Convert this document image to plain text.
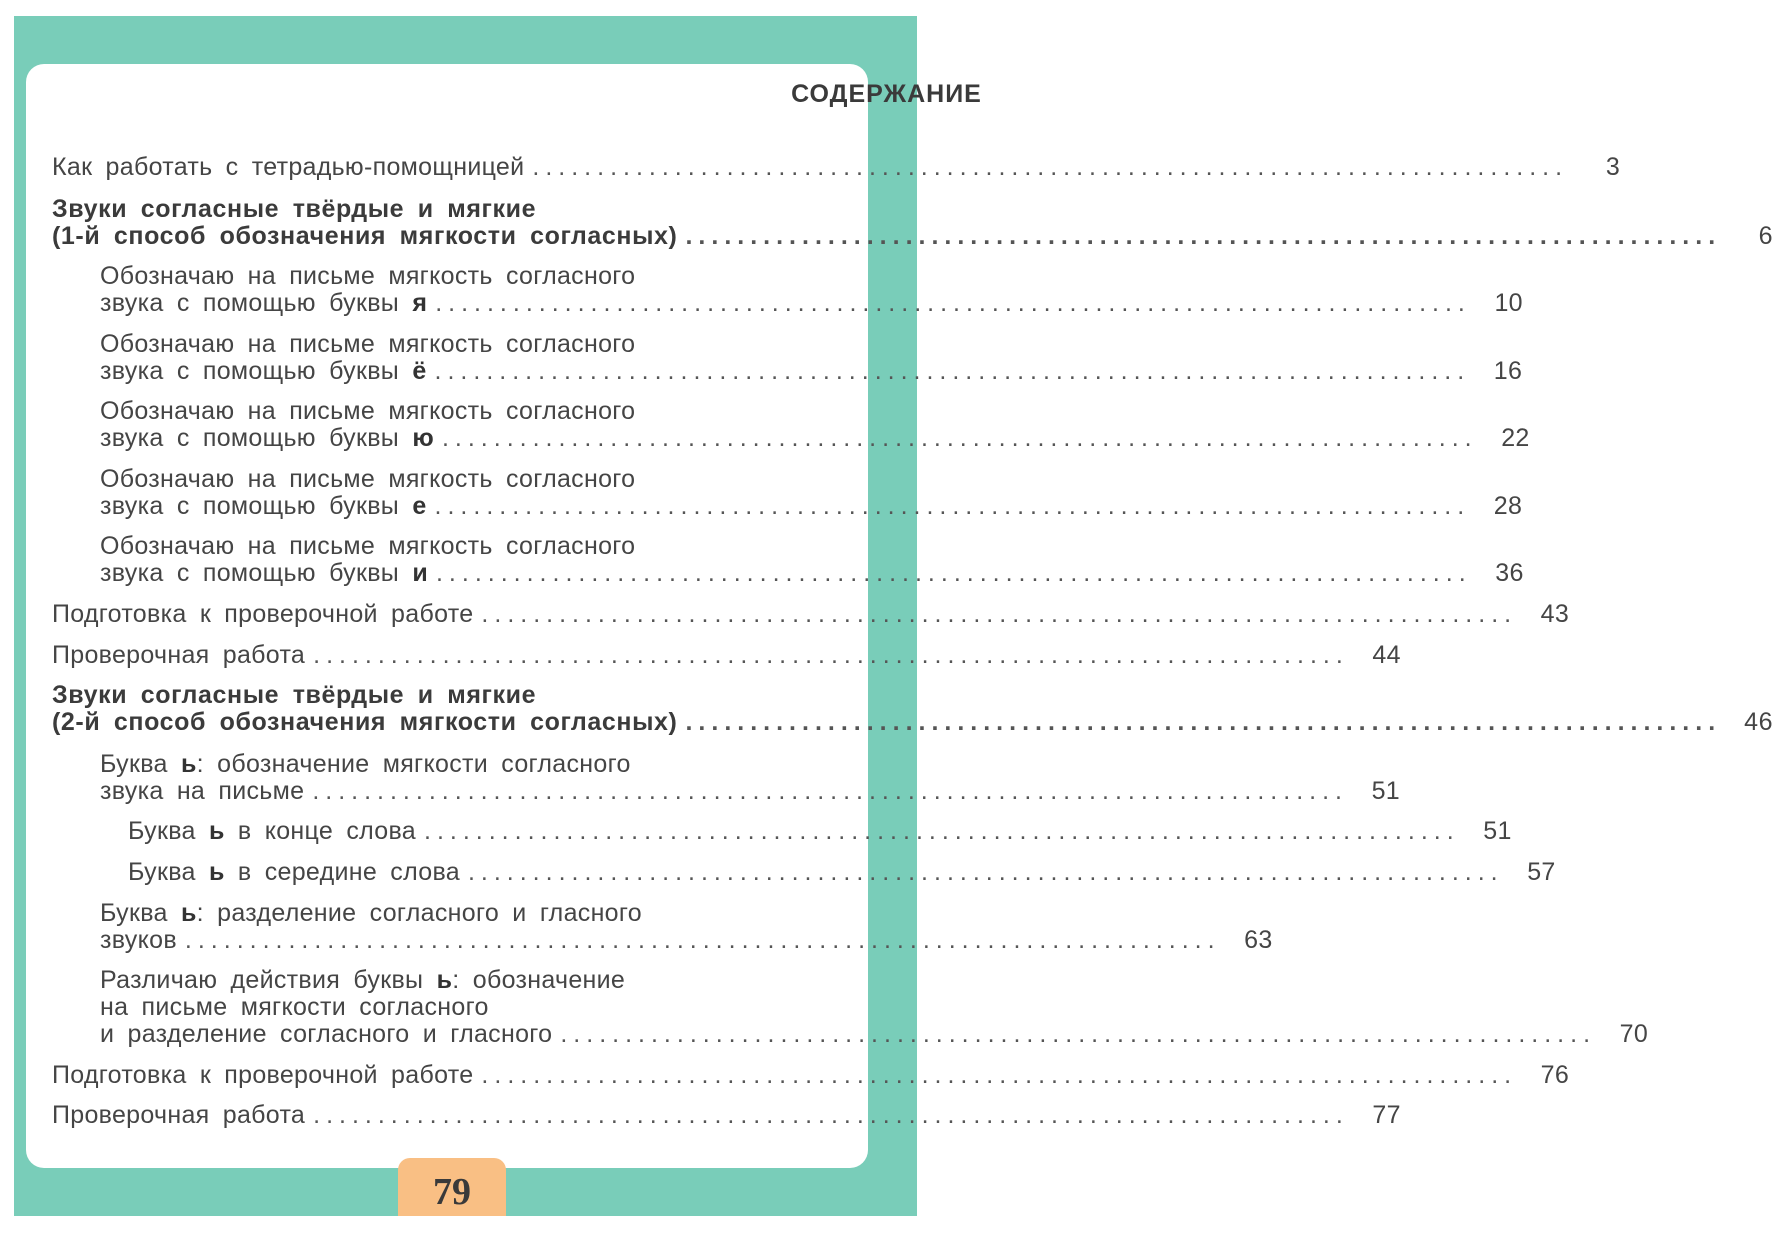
СОДЕРЖАНИЕ
Как работать с тетрадью-помощницей ................................................................................	3
Звуки согласные твёрдые и мягкие
(1-й способ обозначения мягкости согласных) ................................................................................	6
Обозначаю на письме мягкость согласного
звука с помощью буквы я ................................................................................ 10
Обозначаю на письме мягкость согласного
звука с помощью буквы ё ................................................................................ 16
Обозначаю на письме мягкость согласного
звука с помощью буквы ю ................................................................................ 22
Обозначаю на письме мягкость согласного
звука с помощью буквы е ................................................................................ 28
Обозначаю на письме мягкость согласного
звука с помощью буквы и ................................................................................ 36
Подготовка к проверочной работе ................................................................................ 43
Проверочная работа ................................................................................ 44
Звуки согласные твёрдые и мягкие
(2-й способ обозначения мягкости согласных) ................................................................................ 46
Буква ь: обозначение мягкости согласного
звука на письме ................................................................................ 51
Буква ь в конце слова ................................................................................ 51
Буква ь в середине слова ................................................................................ 57
Буква ь: разделение согласного и гласного
звуков ................................................................................ 63
Различаю действия буквы ь: обозначение
на письме мягкости согласного
и разделение согласного и гласного ................................................................................ 70
Подготовка к проверочной работе ................................................................................ 76
Проверочная работа ................................................................................ 77
79
